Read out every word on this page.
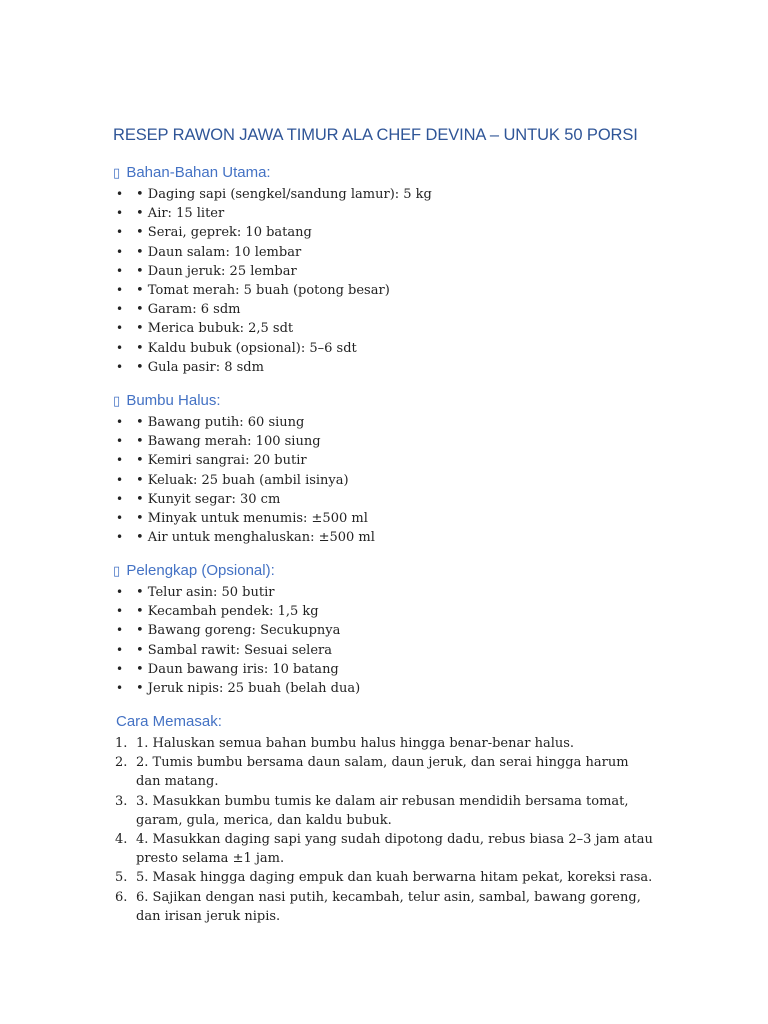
RESEP RAWON JAWA TIMUR ALA CHEF DEVINA – UNTUK 50 PORSI
▯ Bahan-Bahan Utama:
• • Daging sapi (sengkel/sandung lamur): 5 kg
• • Air: 15 liter
• • Serai, geprek: 10 batang
• • Daun salam: 10 lembar
• • Daun jeruk: 25 lembar
• • Tomat merah: 5 buah (potong besar)
• • Garam: 6 sdm
• • Merica bubuk: 2,5 sdt
• • Kaldu bubuk (opsional): 5–6 sdt
• • Gula pasir: 8 sdm
▯ Bumbu Halus:
• • Bawang putih: 60 siung
• • Bawang merah: 100 siung
• • Kemiri sangrai: 20 butir
• • Keluak: 25 buah (ambil isinya)
• • Kunyit segar: 30 cm
• • Minyak untuk menumis: ±500 ml
• • Air untuk menghaluskan: ±500 ml
▯ Pelengkap (Opsional):
• • Telur asin: 50 butir
• • Kecambah pendek: 1,5 kg
• • Bawang goreng: Secukupnya
• • Sambal rawit: Sesuai selera
• • Daun bawang iris: 10 batang
• • Jeruk nipis: 25 buah (belah dua)
Cara Memasak:
1. 1. Haluskan semua bahan bumbu halus hingga benar-benar halus.
2. 2. Tumis bumbu bersama daun salam, daun jeruk, dan serai hingga harum dan matang.
3. 3. Masukkan bumbu tumis ke dalam air rebusan mendidih bersama tomat, garam, gula, merica, dan kaldu bubuk.
4. 4. Masukkan daging sapi yang sudah dipotong dadu, rebus biasa 2–3 jam atau presto selama ±1 jam.
5. 5. Masak hingga daging empuk dan kuah berwarna hitam pekat, koreksi rasa.
6. 6. Sajikan dengan nasi putih, kecambah, telur asin, sambal, bawang goreng, dan irisan jeruk nipis.
